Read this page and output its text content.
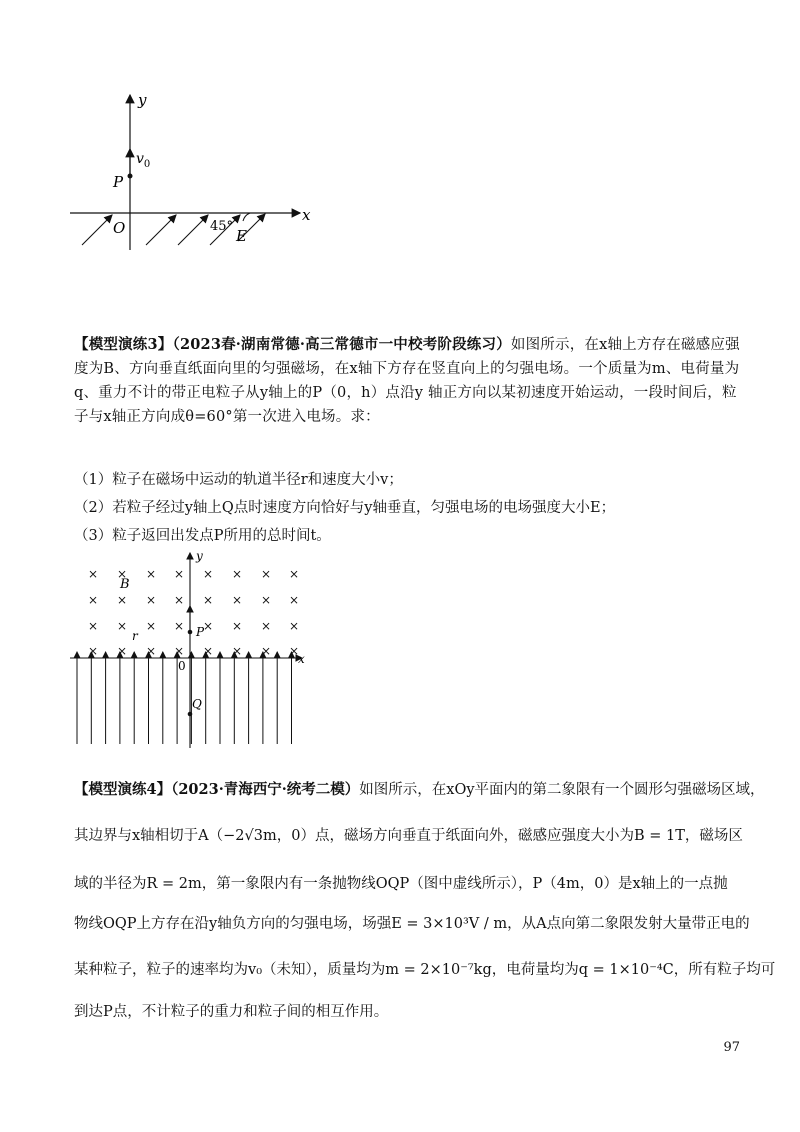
y
x
$v_0$
P
O	45°
E
【模型演练3】（2023春·湖南常德·高三常德市一中校考阶段练习）如图所示，在x轴上方存在磁感应强度为B、方向垂直纸面向里的匀强磁场，在x轴下方存在竖直向上的匀强电场。一个质量为m、电荷量为q、重力不计的带正电粒子从y轴上的P（0，h）点沿y 轴正方向以某初速度开始运动，一段时间后，粒子与x轴正方向成θ=60°第一次进入电场。求：
（1）粒子在磁场中运动的轨道半径r和速度大小v；
（2）若粒子经过y轴上Q点时速度方向恰好与y轴垂直，匀强电场的电场强度大小E；
（3）粒子返回出发点P所用的总时间t。
× × × × × × × ×
× × × × × × × ×
× × × × × × × ×
× × × × × × × ×
B
r
x
y
P
0
Q
【模型演练4】（2023·青海西宁·统考二模）如图所示，在xOy平面内的第二象限有一个圆形匀强磁场区域，
其边界与x轴相切于A（−2√3m，0）点，磁场方向垂直于纸面向外，磁感应强度大小为B = 1T，磁场区
域的半径为R = 2m，第一象限内有一条抛物线OQP（图中虚线所示），P（4m，0）是x轴上的一点抛
物线OQP上方存在沿y轴负方向的匀强电场，场强E = 3×10³V / m，从A点向第二象限发射大量带正电的
某种粒子，粒子的速率均为v₀（未知），质量均为m = 2×10⁻⁷kg，电荷量均为q = 1×10⁻⁴C，所有粒子均可
到达P点，不计粒子的重力和粒子间的相互作用。
97
